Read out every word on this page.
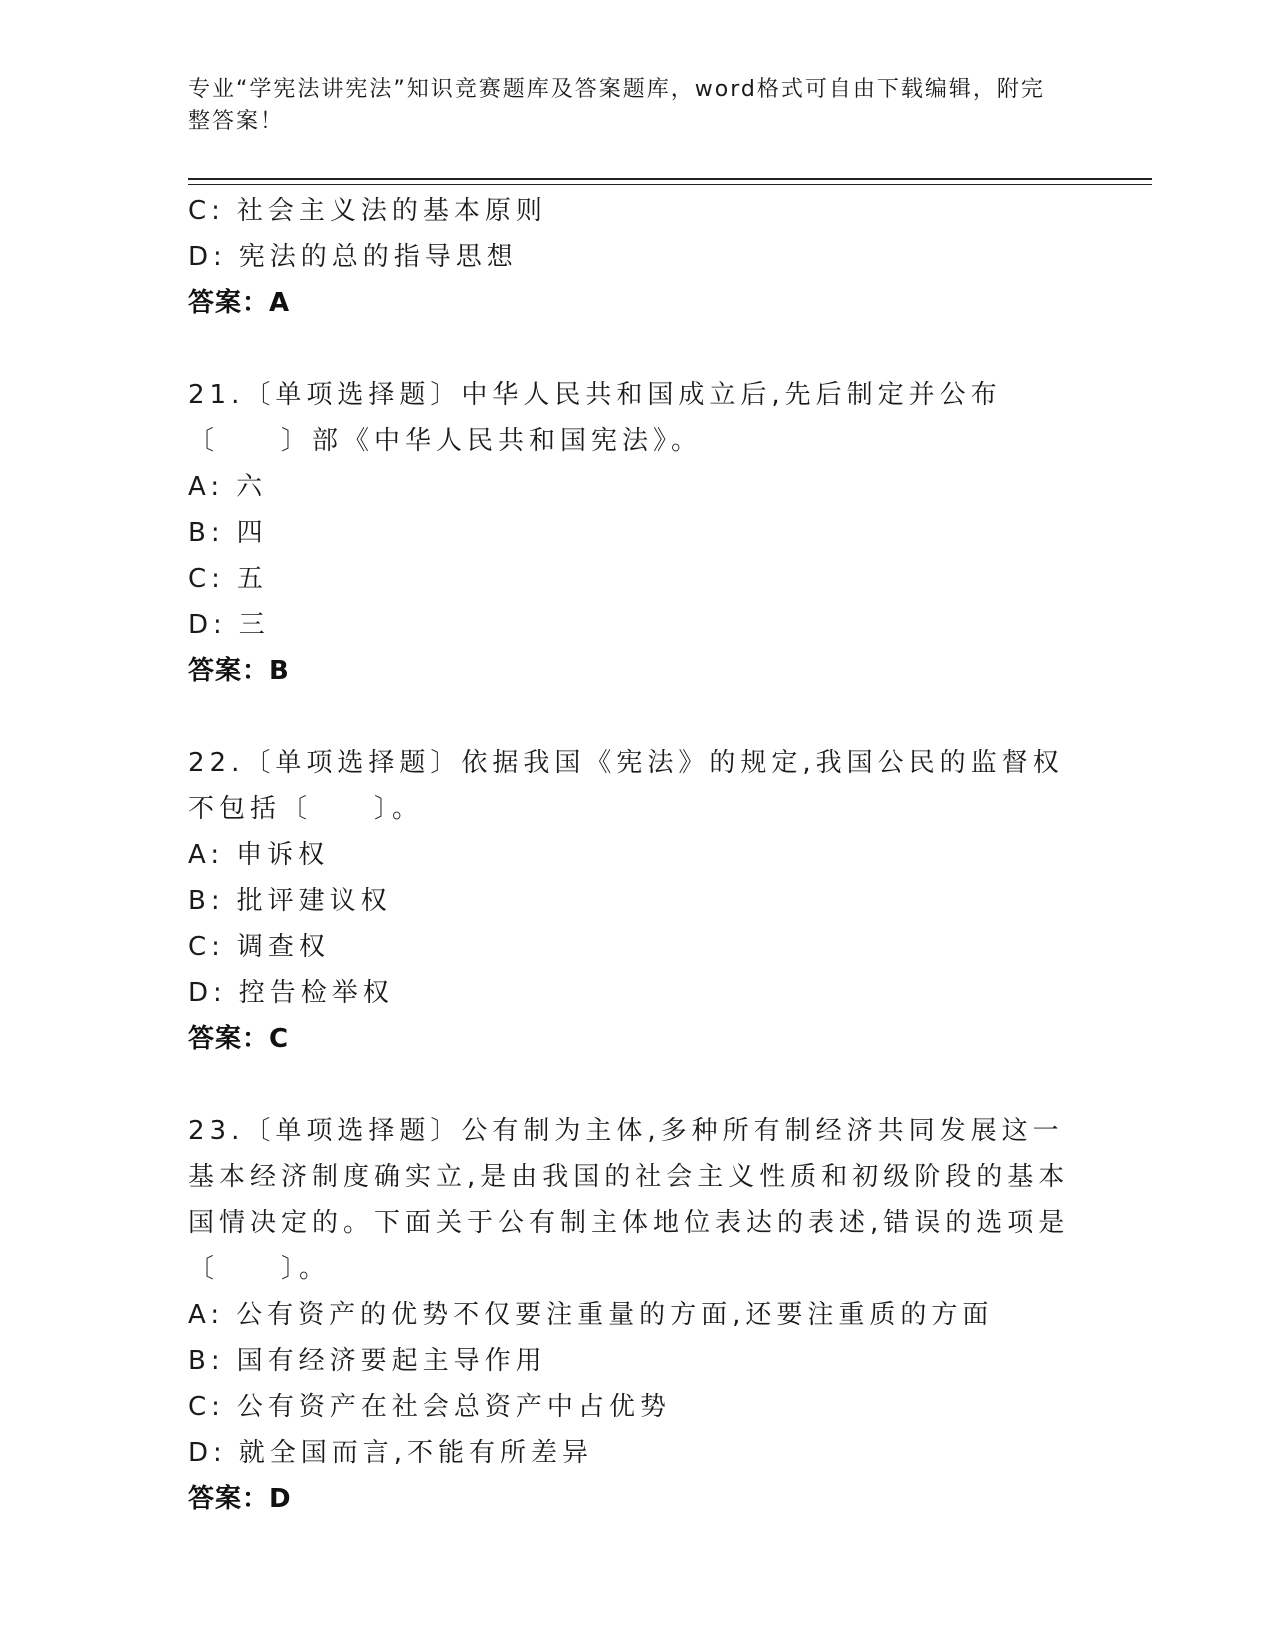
专业“学宪法讲宪法”知识竞赛题库及答案题库，word格式可自由下载编辑，附完整答案！
C: 社会主义法的基本原则
D: 宪法的总的指导思想
答案：A
21.〔单项选择题〕中华人民共和国成立后,先后制定并公布〔　　〕部《中华人民共和国宪法》。
A: 六
B: 四
C: 五
D: 三
答案：B
22.〔单项选择题〕依据我国《宪法》的规定,我国公民的监督权不包括〔　　〕。
A: 申诉权
B: 批评建议权
C: 调查权
D: 控告检举权
答案：C
23.〔单项选择题〕公有制为主体,多种所有制经济共同发展这一基本经济制度确实立,是由我国的社会主义性质和初级阶段的基本国情决定的。下面关于公有制主体地位表达的表述,错误的选项是〔　　〕。
A: 公有资产的优势不仅要注重量的方面,还要注重质的方面
B: 国有经济要起主导作用
C: 公有资产在社会总资产中占优势
D: 就全国而言,不能有所差异
答案：D
